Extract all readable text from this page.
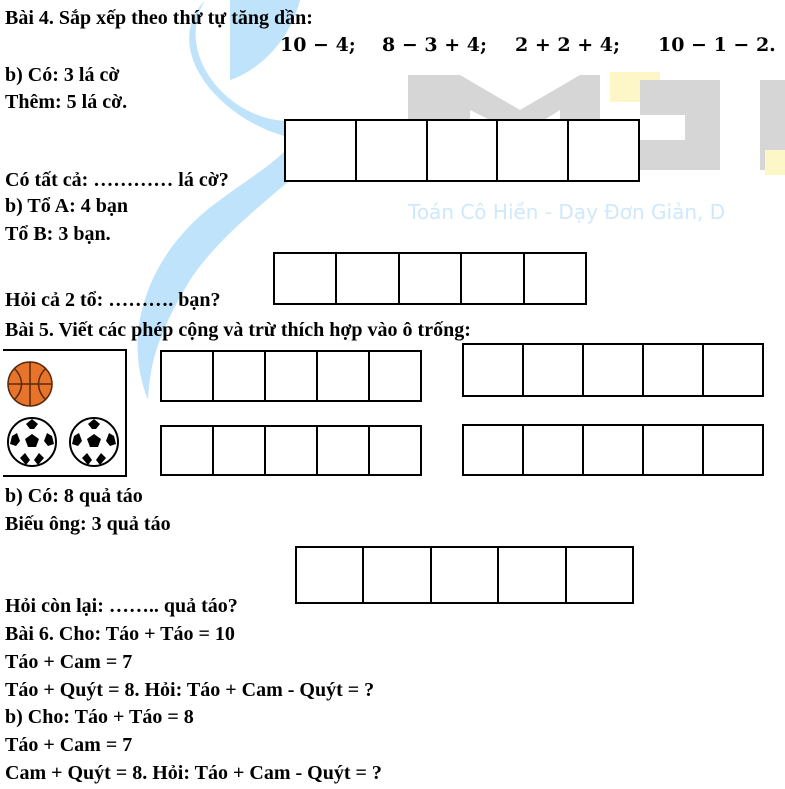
Toán Cô Hiền - Dạy Đơn Giản, D
Bài 4. Sắp xếp theo thứ tự tăng dần:
10 − 4; 8 − 3 + 4; 2 + 2 + 4; 10 − 1 − 2.
b) Có: 3 lá cờ
Thêm: 5 lá cờ.
Có tất cả: ………… lá cờ?
b) Tổ A: 4 bạn
Tổ B: 3 bạn.
Hỏi cả 2 tổ: ………. bạn?
Bài 5. Viết các phép cộng và trừ thích hợp vào ô trống:
b) Có: 8 quả táo
Biếu ông: 3 quả táo
Hỏi còn lại: …….. quả táo?
Bài 6. Cho: Táo + Táo = 10
Táo + Cam = 7
Táo + Quýt = 8. Hỏi: Táo + Cam - Quýt = ?
b) Cho: Táo + Táo = 8
Táo + Cam = 7
Cam + Quýt = 8. Hỏi: Táo + Cam - Quýt = ?
